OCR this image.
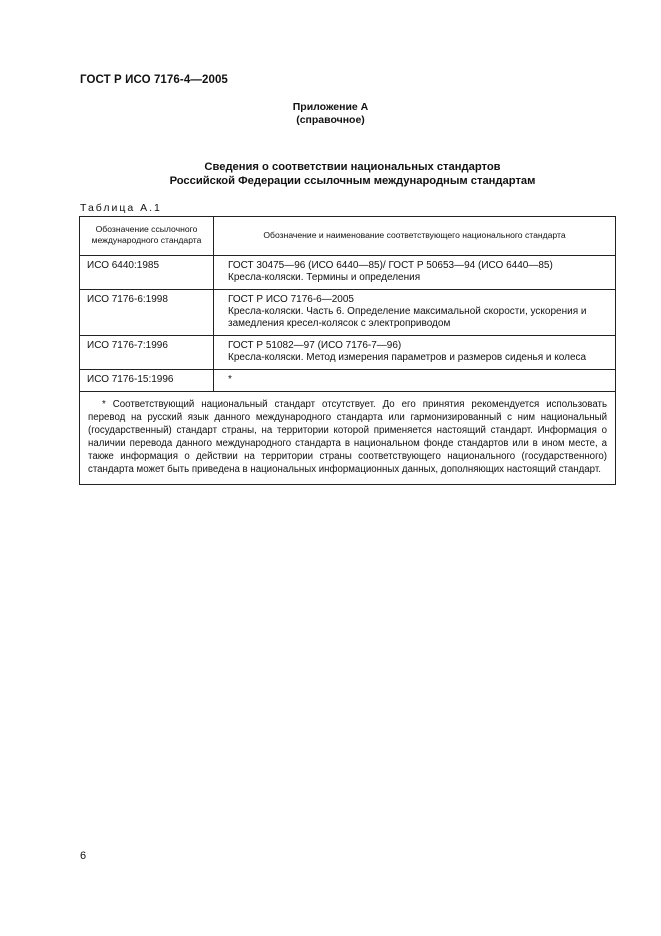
ГОСТ Р ИСО 7176-4—2005
Приложение А
(справочное)
Сведения о соответствии национальных стандартов
Российской Федерации ссылочным международным стандартам
Таблица А.1
Обозначение ссылочного международного стандарта	Обозначение и наименование соответствующего национального стандарта
ИСО 6440:1985	ГОСТ 30475—96 (ИСО 6440—85)/ ГОСТ Р 50653—94 (ИСО 6440—85)
Кресла-коляски. Термины и определения

ИСО 7176-6:1998	ГОСТ Р ИСО 7176-6—2005
Кресла-коляски. Часть 6. Определение максимальной скорости, ускорения и замедления кресел-колясок с электроприводом

ИСО 7176-7:1996	ГОСТ Р 51082—97 (ИСО 7176-7—96)
Кресла-коляски. Метод измерения параметров и размеров сиденья и колеса

ИСО 7176-15:1996	*

* Соответствующий национальный стандарт отсутствует. До его принятия рекомендуется использовать перевод на русский язык данного международного стандарта или гармонизированный с ним национальный (государственный) стандарт страны, на территории которой применяется настоящий стандарт. Информация о наличии перевода данного международного стандарта в национальном фонде стандартов или в ином месте, а также информация о действии на территории страны соответствующего национального (государственного) стандарта может быть приведена в национальных информационных данных, дополняющих настоящий стандарт.	
6
